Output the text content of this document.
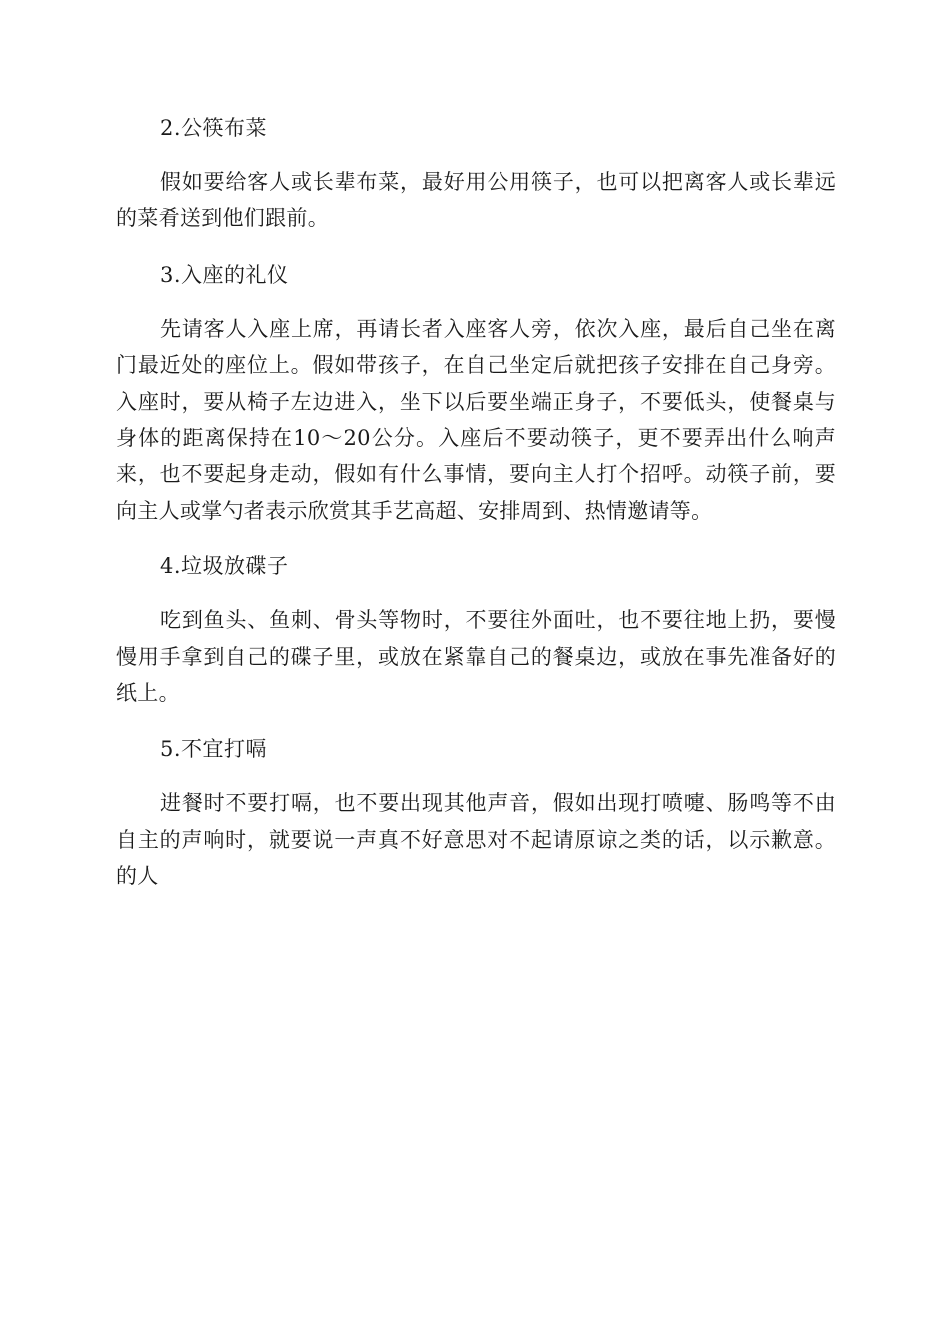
2.公筷布菜

假如要给客人或长辈布菜，最好用公用筷子，也可以把离客人或长辈远的菜肴送到他们跟前。

3.入座的礼仪

先请客人入座上席，再请长者入座客人旁，依次入座，最后自己坐在离门最近处的座位上。假如带孩子，在自己坐定后就把孩子安排在自己身旁。入座时，要从椅子左边进入，坐下以后要坐端正身子，不要低头，使餐桌与身体的距离保持在10～20公分。入座后不要动筷子，更不要弄出什么响声来，也不要起身走动，假如有什么事情，要向主人打个招呼。动筷子前，要向主人或掌勺者表示欣赏其手艺高超、安排周到、热情邀请等。

4.垃圾放碟子

吃到鱼头、鱼刺、骨头等物时，不要往外面吐，也不要往地上扔，要慢慢用手拿到自己的碟子里，或放在紧靠自己的餐桌边，或放在事先准备好的纸上。

5.不宜打嗝

进餐时不要打嗝，也不要出现其他声音，假如出现打喷嚏、肠鸣等不由自主的声响时，就要说一声真不好意思对不起请原谅之类的话，以示歉意。的人
